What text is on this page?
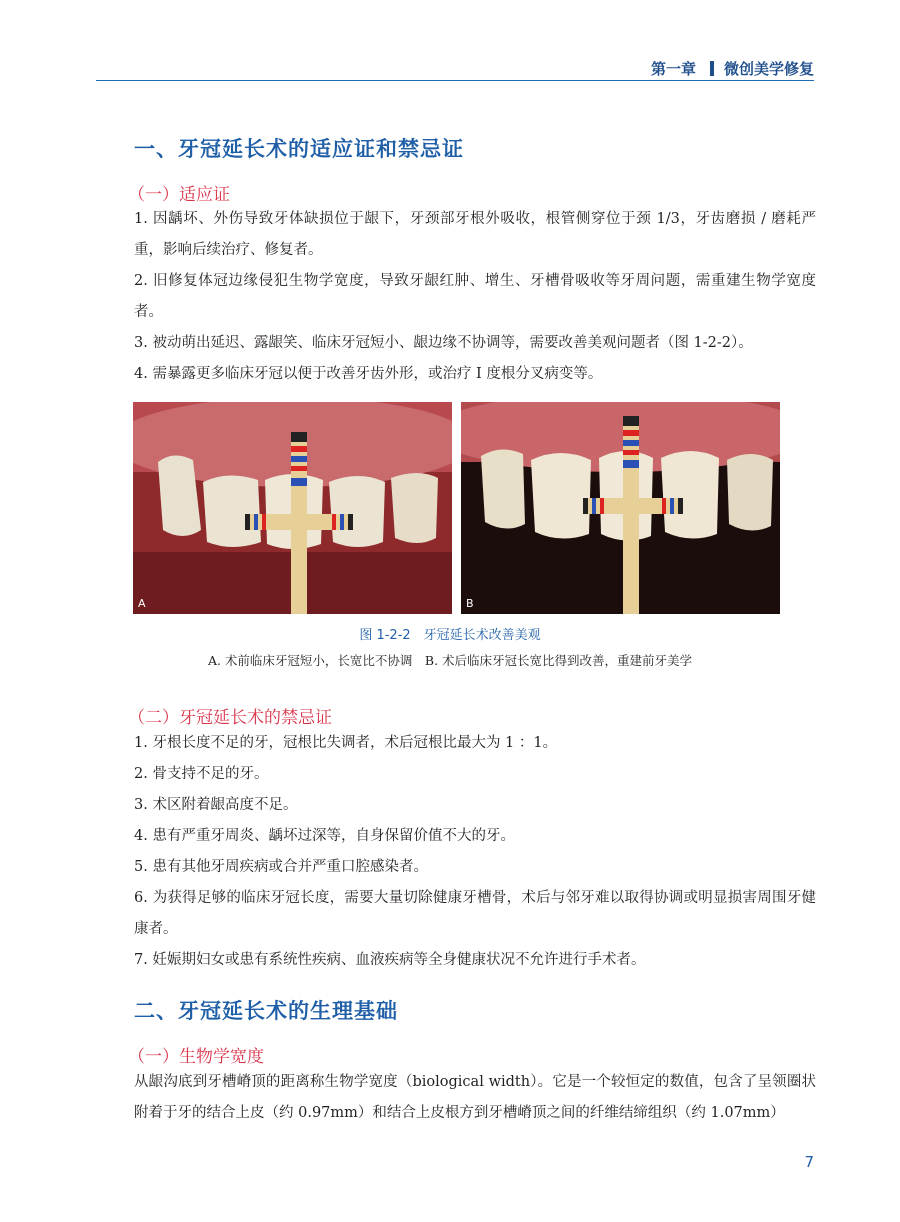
第一章 微创美学修复
一、牙冠延长术的适应证和禁忌证
（一）适应证

1. 因龋坏、外伤导致牙体缺损位于龈下，牙颈部牙根外吸收，根管侧穿位于颈 1/3，牙齿磨损 / 磨耗严重，影响后续治疗、修复者。

2. 旧修复体冠边缘侵犯生物学宽度，导致牙龈红肿、增生、牙槽骨吸收等牙周问题，需重建生物学宽度者。

3. 被动萌出延迟、露龈笑、临床牙冠短小、龈边缘不协调等，需要改善美观问题者（图 1-2-2）。

4. 需暴露更多临床牙冠以便于改善牙齿外形，或治疗 Ⅰ 度根分叉病变等。

A	B
图 1-2-2　牙冠延长术改善美观
A. 术前临床牙冠短小，长宽比不协调　B. 术后临床牙冠长宽比得到改善，重建前牙美学
（二）牙冠延长术的禁忌证

1. 牙根长度不足的牙，冠根比失调者，术后冠根比最大为 1 ：1。

2. 骨支持不足的牙。

3. 术区附着龈高度不足。

4. 患有严重牙周炎、龋坏过深等，自身保留价值不大的牙。

5. 患有其他牙周疾病或合并严重口腔感染者。

6. 为获得足够的临床牙冠长度，需要大量切除健康牙槽骨，术后与邻牙难以取得协调或明显损害周围牙健康者。

7. 妊娠期妇女或患有系统性疾病、血液疾病等全身健康状况不允许进行手术者。

二、牙冠延长术的生理基础
（一）生物学宽度

从龈沟底到牙槽嵴顶的距离称生物学宽度（biological width）。它是一个较恒定的数值，包含了呈领圈状附着于牙的结合上皮（约 0.97mm）和结合上皮根方到牙槽嵴顶之间的纤维结缔组织（约 1.07mm）

7
